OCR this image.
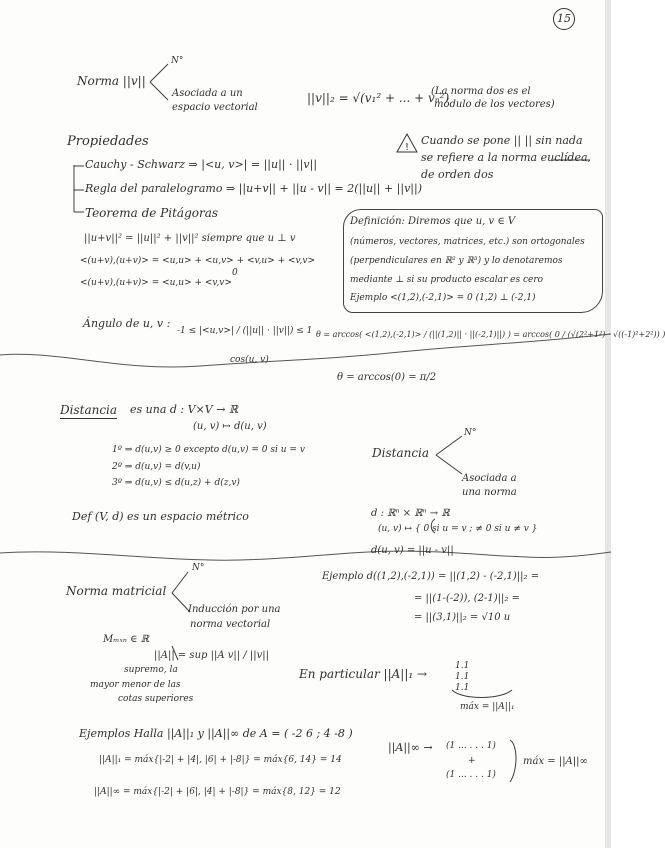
15
Norma ||v||
N°
Asociada a un
espacio vectorial
||v||₂ = √(v₁² + ... + vₙ²)
(La norma dos es el
módulo de los vectores)
Propiedades
Cauchy - Schwarz ⇒ |<u, v>| = ||u|| · ||v||
Regla del paralelogramo ⇒ ||u+v|| + ||u - v|| = 2(||u|| + ||v||)
Teorema de Pitágoras
||u+v||² = ||u||² + ||v||² siempre que u ⊥ v
<(u+v),(u+v)> = <u,u> + <u,v> + <v,u> + <v,v>
0
<(u+v),(u+v)> = <u,u> + <v,v>
!
Cuando se pone || || sin nada
se refiere a la norma euclídea,
de orden dos
Definición: Diremos que u, v ∈ V
(números, vectores, matrices, etc.) son ortogonales
(perpendiculares en ℝ² y ℝ³) y lo denotaremos
mediante ⊥ si su producto escalar es cero
Ejemplo <(1,2),(-2,1)> = 0 (1,2) ⊥ (-2,1)
Ángulo de u, v :
-1 ≤ |<u,v>| / (||u|| · ||v||) ≤ 1
cos(u, v)
θ = arccos( <(1,2),(-2,1)> / (||(1,2)|| · ||(-2,1)||) ) = arccos( 0 / (√(2²+1²) · √((-1)²+2²)) )
θ = arccos(0) = π/2
Distancia es una d : V×V → ℝ
(u, v) ↦ d(u, v)
1º ⇒ d(u,v) ≥ 0 excepto d(u,v) = 0 si u = v
2º ⇒ d(u,v) = d(v,u)
3º ⇒ d(u,v) ≤ d(u,z) + d(z,v)
Def (V, d) es un espacio métrico
Distancia
N°
Asociada a
una norma
d : ℝⁿ × ℝⁿ → ℝ
(u, v) ↦ { 0 si u = v ; ≠ 0 si u ≠ v }
d(u, v) = ||u - v||
Ejemplo d((1,2),(-2,1)) = ||(1,2) - (-2,1)||₂ =
= ||(1-(-2)), (2-1)||₂ =
= ||(3,1)||₂ = √10 u
Norma matricial
N°
Inducción por una
norma vectorial
Mₘₓₙ ∈ ℝ
||A|| = sup ||A v|| / ||v||
supremo, la
mayor menor de las
cotas superiores
En particular ||A||₁ →
1.1
1.1
1.1
máx = ||A||₁
Ejemplos Halla ||A||₁ y ||A||∞ de A = ( -2 6 ; 4 -8 )
||A||₁ = máx{|-2| + |4|, |6| + |-8|} = máx{6, 14} = 14
||A||∞ = máx{|-2| + |6|, |4| + |-8|} = máx{8, 12} = 12
||A||∞ → (1 ... . . . 1)
+
(1 ... . . . 1)
máx = ||A||∞
